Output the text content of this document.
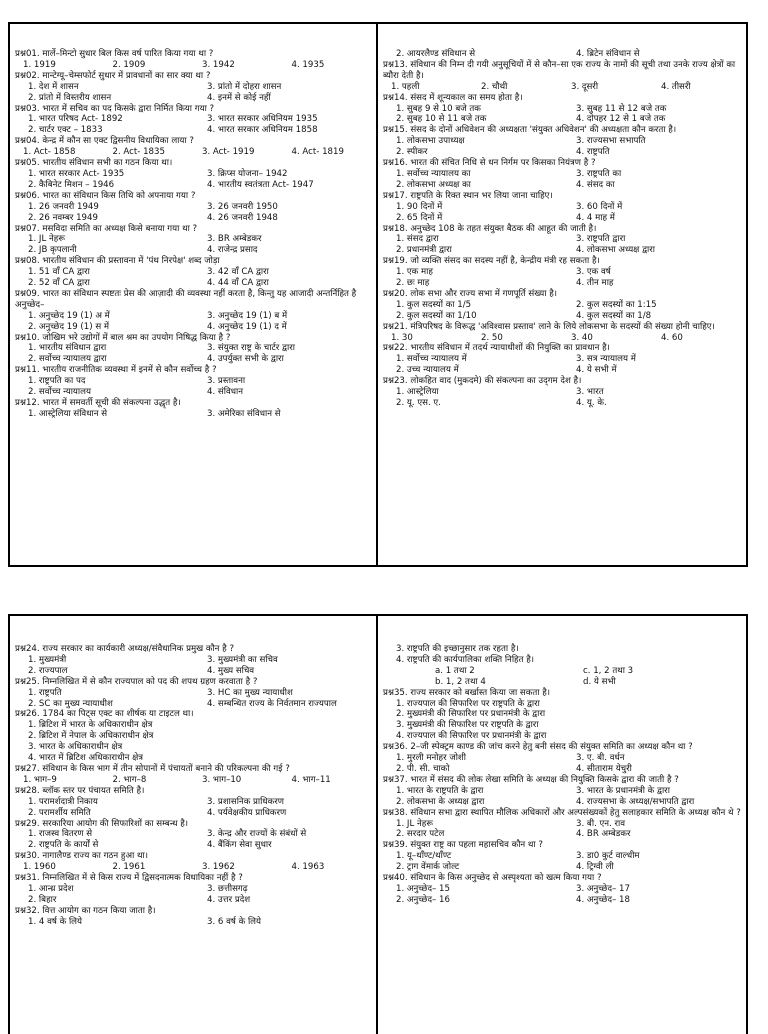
प्रश्न01. मार्ले–मिन्टो सुधार बिल किस वर्ष पारित किया गया था ?
1. 1919	2. 1909	3. 1942	4. 1935
प्रश्न02. मान्टेग्यू–चेम्सफोर्ट सुधार में प्रावधानों का सार क्या था ?
1. देश में शासन	3. प्रांतो में दोहरा शासन
2. प्रांतो में विस्तरीय शासन	4. इनमें से कोई नहीं
प्रश्न03. भारत में सचिव का पद किसके द्वारा निर्मित किया गया ?
1. भारत परिषद Act- 1892	3. भारत सरकार अधिनियम 1935
2. चार्टर एक्ट – 1833	4. भारत सरकार अधिनियम 1858
प्रश्न04. केन्द्र में कौन सा एक्ट द्विसनीय विधायिका लाया ?
1. Act- 1858	2. Act- 1835	3. Act- 1919	4. Act- 1819
प्रश्न05. भारतीय संविधान सभी का गठन किया था।
1. भारत सरकार Act- 1935	3. क्रिप्स योजना– 1942
2. कैबिनेट मिशन – 1946	4. भारतीय स्वतंत्रता Act- 1947
प्रश्न06. भारत का संविधान किस तिथि को अपनाया गया ?
1. 26 जनवरी 1949	3. 26 जनवरी 1950
2. 26 नवम्बर 1949	4. 26 जनवरी 1948
प्रश्न07. मसविदा समिति का अध्यक्ष किसे बनाया गया था ?
1. JL नेहरू	3. BR अम्बेडकर
2. JB कृपलानी	4. राजेन्द्र प्रसाद
प्रश्न08. भारतीय संविधान की प्रस्तावना में 'पंथ निरपेक्ष' शब्द जोड़ा
1. 51 वाँ CA द्वारा	3. 42 वाँ CA द्वारा
2. 52 वाँ CA द्वारा	4. 44 वाँ CA द्वारा
प्रश्न09. भारत का संविधान स्पष्टतः प्रेस की आज़ादी की व्यवस्था नहीं करता है, किन्तु यह आजादी अन्तर्निहित है अनुच्छेद–
1. अनुच्छेद 19 (1) अ में	3. अनुच्छेद 19 (1) ब में
2. अनुच्छेद 19 (1) स में	4. अनुच्छेद 19 (1) द में
प्रश्न10. जोखिम भरे उद्योगों में बाल श्रम का उपयोग निषिद्ध किया है ?
1. भारतीय संविधान द्वारा	3. संयुक्त राष्ट्र के चार्टर द्वारा
2. सर्वोच्च न्यायालय द्वारा	4. उपर्युक्त सभी के द्वारा
प्रश्न11. भारतीय राजनीतिक व्यवस्था में इनमें से कौन सर्वोच्च है ?
1. राष्ट्रपति का पद	3. प्रस्तावना
2. सर्वोच्च न्यायालय	4. संविधान
प्रश्न12. भारत में समवर्ती सूची की संकल्पना उद्धृत है।
1. आस्ट्रेलिया संविधान से	3. अमेरिका संविधान से
2. आयरलैण्ड संविधान से	4. ब्रिटेन संविधान से
प्रश्न13. संविधान की निम्न दी गयी अनुसूचियों में से कौन–सा एक राज्य के नामों की सूची तथा उनके राज्य क्षेत्रों का ब्यौरा देती है।
1. पहली	2. चौथी	3. दूसरी	4. तीसरी
प्रश्न14. संसद में शून्यकाल का समय होता है।
1. सुबह 9 से 10 बजे तक	3. सुबह 11 से 12 बजे तक
2. सुबह 10 से 11 बजे तक	4. दोपहर 12 से 1 बजे तक
प्रश्न15. संसद के दोनों अधिवेशन की अध्यक्षता 'संयुक्त अधिवेशन' की अध्यक्षता कौन करता है।
1. लोकसभा उपाध्यक्ष	3. राज्यसभा सभापति
2. स्पीकर	4. राष्ट्रपति
प्रश्न16. भारत की संचित निधि से धन निर्गम पर किसका नियंत्रण है ?
1. सर्वोच्च न्यायालय का	3. राष्ट्रपति का
2. लोकसभा अध्यक्ष का	4. संसद का
प्रश्न17. राष्ट्रपति के रिक्त स्थान भर लिया जाना चाहिए।
1. 90 दिनों में	3. 60 दिनों में
2. 65 दिनों में	4. 4 माह में
प्रश्न18. अनुच्छेद 108 के तहत संयुक्त बैठक की आहूत की जाती है।
1. संसद द्वारा	3. राष्ट्रपति द्वारा
2. प्रधानमंत्री द्वारा	4. लोकसभा अध्यक्ष द्वारा
प्रश्न19. जो व्यक्ति संसद का सदस्य नहीं है, केन्द्रीय मंत्री रह सकता है।
1. एक माह	3. एक वर्ष
2. छः माह	4. तीन माह
प्रश्न20. लोक सभा और राज्य सभा में गणपूर्ति संख्या है।
1. कुल सदस्यों का 1/5	2. कुल सदस्यों का 1:15
2. कुल सदस्यों का 1/10	4. कुल सदस्यों का 1/8
प्रश्न21. मंत्रिपरिषद के विरूद्ध 'अविश्वास प्रस्ताव' लाने के लिये लोकसभा के सदस्यों की संख्या होनी चाहिए।
1. 30	2. 50	3. 40	4. 60
प्रश्न22. भारतीय संविधान में तदर्थ न्यायाधीशों की नियुक्ति का प्रावधान है।
1. सर्वोच्च न्यायालय में	3. सत्र न्यायालय में
2. उच्च न्यायालय में	4. ये सभी में
प्रश्न23. लोकहित वाद (मुकदमे) की संकल्पना का उद्‌गम देश है।
1. आस्ट्रेलिया	3. भारत
2. यू. एस. ए.	4. यू. के.
प्रश्न24. राज्य सरकार का कार्यकारी अध्यक्ष/संवैधानिक प्रमुख कौन है ?
1. मुख्यमंत्री	3. मुख्यमंत्री का सचिव
2. राज्यपाल	4. मुख्य सचिव
प्रश्न25. निम्नलिखित में से कौन राज्यपाल को पद की शपथ ग्रहण करवाता है ?
1. राष्ट्रपति	3. HC का मुख्य न्यायाधीश
2. SC का मुख्य न्यायाधीश	4. सम्बन्धित राज्य के निर्वतमान राज्यपाल
प्रश्न26. 1784 का पिट्स एक्ट का शीर्षक या टाइटल था।
1. ब्रिटिश में भारत के अधिकाराधीन क्षेत्र
2. ब्रिटिश में नेपाल के अधिकाराधीन क्षेत्र
3. भारत के अधिकाराधीन क्षेत्र
4. भारत में ब्रिटिश अधिकाराधीन क्षेत्र
प्रश्न27. संविधान के किस भाग में तीन सोपानों में पंचायतों बनाने की परिकल्पना की गई ?
1. भाग–9	2. भाग–8	3. भाग–10	4. भाग–11
प्रश्न28. ब्लॉक स्तर पर पंचायत समिति है।
1. परामर्शदात्री निकाय	3. प्रशासनिक प्राधिकरण
2. परामर्शीय समिति	4. पर्यवेक्षकीय प्राधिकरण
प्रश्न29. सरकारिया आयोग की सिफारिशों का सम्बन्ध है।
1. राजस्व वितरण से	3. केन्द्र और राज्यों के संबंधों से
2. राष्ट्रपति के कार्यों से	4. बैंकिंग सेवा सुधार
प्रश्न30. नागालैण्ड राज्य का गठन हुआ था।
1. 1960	2. 1961	3. 1962	4. 1963
प्रश्न31. निम्नलिखित में से किस राज्य में द्विसदनात्मक विधायिका नहीं है ?
1. आन्ध्र प्रदेश	3. छत्तीसगढ़
2. बिहार	4. उत्तर प्रदेश
प्रश्न32. वित्त आयोग का गठन किया जाता है।
1. 4 वर्ष के लिये	3. 6 वर्ष के लिये
3. राष्ट्रपति की इच्छानुसार तक रहता है।
4. राष्ट्रपति की कार्यपालिका शक्ति निहित है।
a. 1 तथा 2	c. 1, 2 तथा 3
b. 1, 2 तथा 4	d. ये सभी
प्रश्न35. राज्य सरकार को बर्खास्त किया जा सकता है।
1. राज्यपाल की सिफारिश पर राष्ट्रपति के द्वारा
2. मुख्यमंत्री की सिफारिश पर प्रधानमंत्री के द्वारा
3. मुख्यमंत्री की सिफारिश पर राष्ट्रपति के द्वारा
4. राज्यपाल की सिफारिश पर प्रधानमंत्री के द्वारा
प्रश्न36. 2–जी स्पेक्ट्रम काण्ड की जांच करने हेतु बनी संसद की संयुक्त समिति का अध्यक्ष कौन था ?
1. मुरली मनोहर जोशी	3. ए. बी. वर्धन
2. पी. सी. चाको	4. सीताराम येचुरी
प्रश्न37. भारत में संसद की लोक लेखा समिति के अध्यक्ष की नियुक्ति किसके द्वारा की जाती है ?
1. भारत के राष्ट्रपति के द्वारा	3. भारत के प्रधानमंत्री के द्वारा
2. लोकसभा के अध्यक्ष द्वारा	4. राज्यसभा के अध्यक्ष/सभापति द्वारा
प्रश्न38. संविधान सभा द्वारा स्थापित मौलिक अधिकारों और अल्पसंख्यकों हेतु सलाहकार समिति के अध्यक्ष कौन थे ?
1. JL नेहरू	3. बी. एन. राव
2. सरदार पटेल	4. BR अम्बेडकर
प्रश्न39. संयुक्त राष्ट्र का पहला महासचिव कौन था ?
1. यू–थाँण्ट/थाँण्ट	3. डा0 कुर्ट वाल्धीम
2. ट्राग वेंमार्क जोल्ट	4. ट्रिग्वी ली
प्रश्न40. संविधान के किस अनुच्छेद से अस्पृश्यता को खत्म किया गया ?
1. अनुच्छेद– 15	3. अनुच्छेद– 17
2. अनुच्छेद– 16	4. अनुच्छेद– 18
